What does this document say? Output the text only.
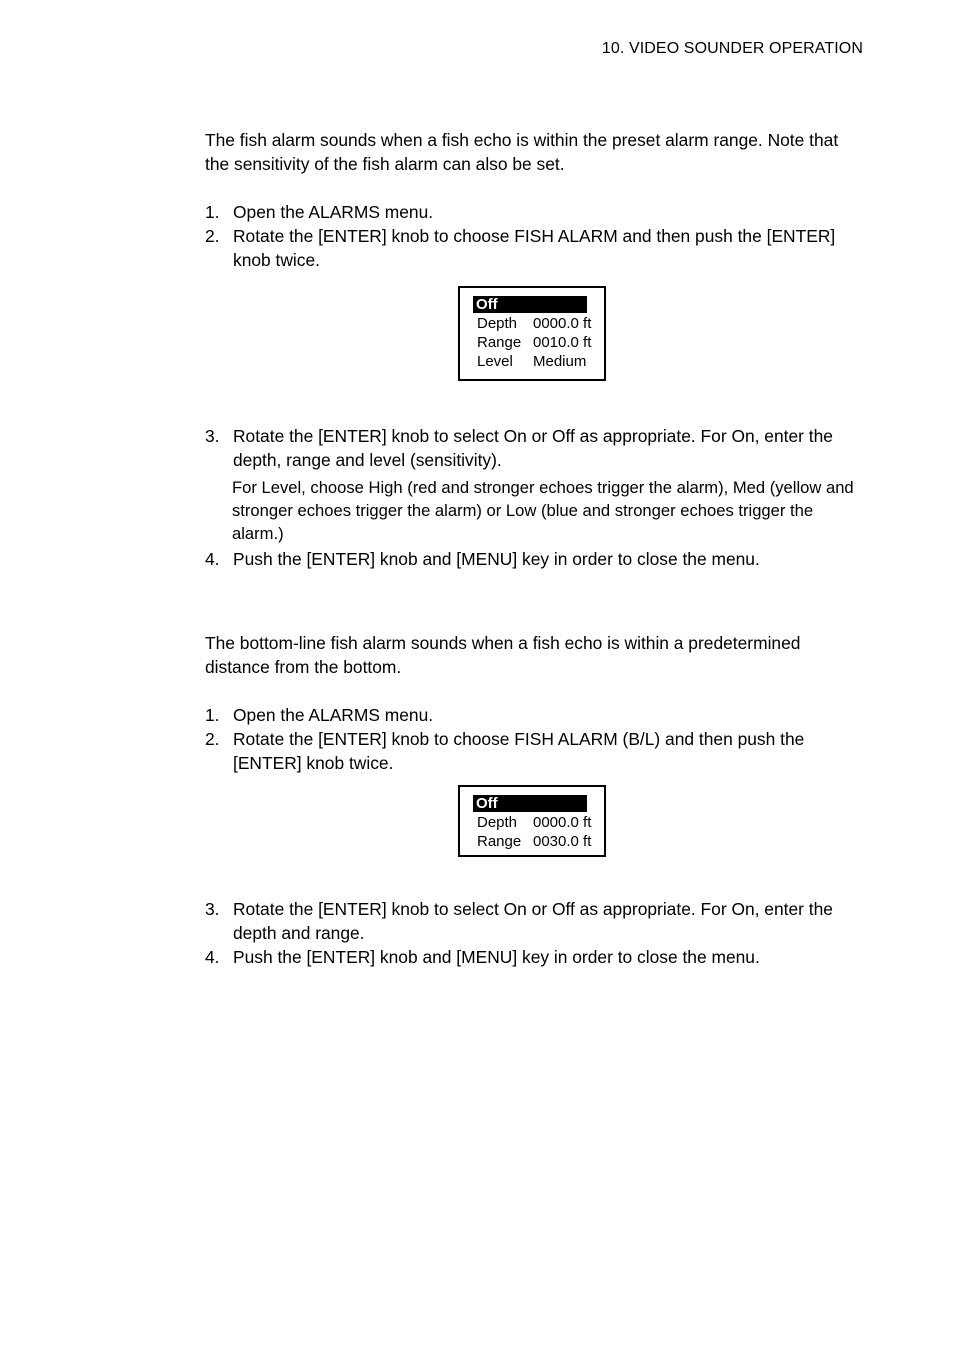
10. VIDEO SOUNDER OPERATION
The fish alarm sounds when a fish echo is within the preset alarm range. Note that the sensitivity of the fish alarm can also be set.
1. Open the ALARMS menu.
2. Rotate the [ENTER] knob to choose FISH ALARM and then push the [ENTER] knob twice.
Off
Depth	0000.0 ft
Range 0010.0 ft
Level	Medium
3. Rotate the [ENTER] knob to select On or Off as appropriate. For On, enter the depth, range and level (sensitivity).
For Level, choose High (red and stronger echoes trigger the alarm), Med (yellow and stronger echoes trigger the alarm) or Low (blue and stronger echoes trigger the alarm.)
4. Push the [ENTER] knob and [MENU] key in order to close the menu.
The bottom-line fish alarm sounds when a fish echo is within a predetermined distance from the bottom.
1. Open the ALARMS menu.
2. Rotate the [ENTER] knob to choose FISH ALARM (B/L) and then push the [ENTER] knob twice.
Off
Depth	0000.0 ft
Range 0030.0 ft
3. Rotate the [ENTER] knob to select On or Off as appropriate. For On, enter the depth and range.
4. Push the [ENTER] knob and [MENU] key in order to close the menu.
